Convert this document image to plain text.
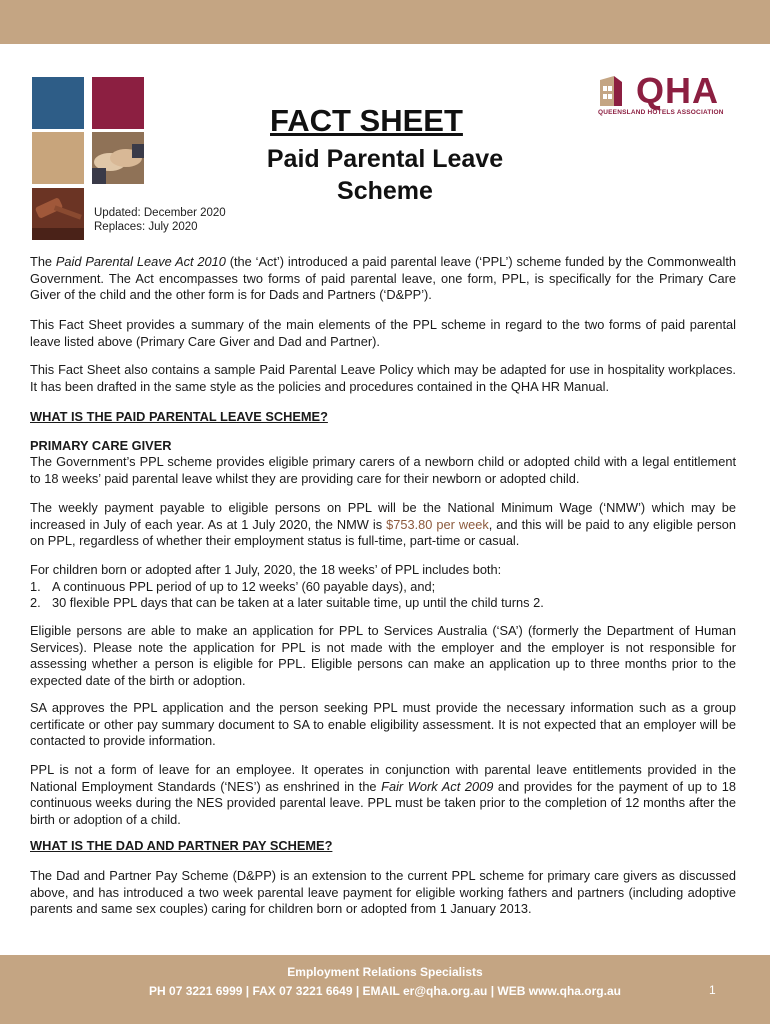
QHA
QUEENSLAND HOTELS ASSOCIATION
FACT SHEET
Paid Parental Leave
Scheme
Updated: December 2020
Replaces: July 2020

The Paid Parental Leave Act 2010 (the ‘Act’) introduced a paid parental leave (‘PPL’) scheme funded by the Commonwealth Government. The Act encompasses two forms of paid parental leave, one form, PPL, is specifically for the Primary Care Giver of the child and the other form is for Dads and Partners (‘D&PP’).

This Fact Sheet provides a summary of the main elements of the PPL scheme in regard to the two forms of paid parental leave listed above (Primary Care Giver and Dad and Partner).

This Fact Sheet also contains a sample Paid Parental Leave Policy which may be adapted for use in hospitality workplaces. It has been drafted in the same style as the policies and procedures contained in the QHA HR Manual.

WHAT IS THE PAID PARENTAL LEAVE SCHEME?
PRIMARY CARE GIVER

The Government’s PPL scheme provides eligible primary carers of a newborn child or adopted child with a legal entitlement to 18 weeks’ paid parental leave whilst they are providing care for their newborn or adopted child.

The weekly payment payable to eligible persons on PPL will be the National Minimum Wage (‘NMW’) which may be increased in July of each year. As at 1 July 2020, the NMW is $753.80 per week, and this will be paid to any eligible person on PPL, regardless of whether their employment status is full-time, part-time or casual.

For children born or adopted after 1 July, 2020, the 18 weeks’ of PPL includes both:

1. A continuous PPL period of up to 12 weeks’ (60 payable days), and;
2. 30 flexible PPL days that can be taken at a later suitable time, up until the child turns 2.

Eligible persons are able to make an application for PPL to Services Australia (‘SA’) (formerly the Department of Human Services). Please note the application for PPL is not made with the employer and the employer is not responsible for assessing whether a person is eligible for PPL. Eligible persons can make an application up to three months prior to the expected date of the birth or adoption.

SA approves the PPL application and the person seeking PPL must provide the necessary information such as a group certificate or other pay summary document to SA to enable eligibility assessment. It is not expected that an employer will be contacted to provide information.

PPL is not a form of leave for an employee. It operates in conjunction with parental leave entitlements provided in the National Employment Standards (‘NES’) as enshrined in the Fair Work Act 2009 and provides for the payment of up to 18 continuous weeks during the NES provided parental leave. PPL must be taken prior to the completion of 12 months after the birth or adoption of a child.

WHAT IS THE DAD AND PARTNER PAY SCHEME?

The Dad and Partner Pay Scheme (D&PP) is an extension to the current PPL scheme for primary care givers as discussed above, and has introduced a two week parental leave payment for eligible working fathers and partners (including adoptive parents and same sex couples) caring for children born or adopted from 1 January 2013.

Employment Relations Specialists
PH 07 3221 6999 | FAX 07 3221 6649 | EMAIL er@qha.org.au | WEB www.qha.org.au	1
